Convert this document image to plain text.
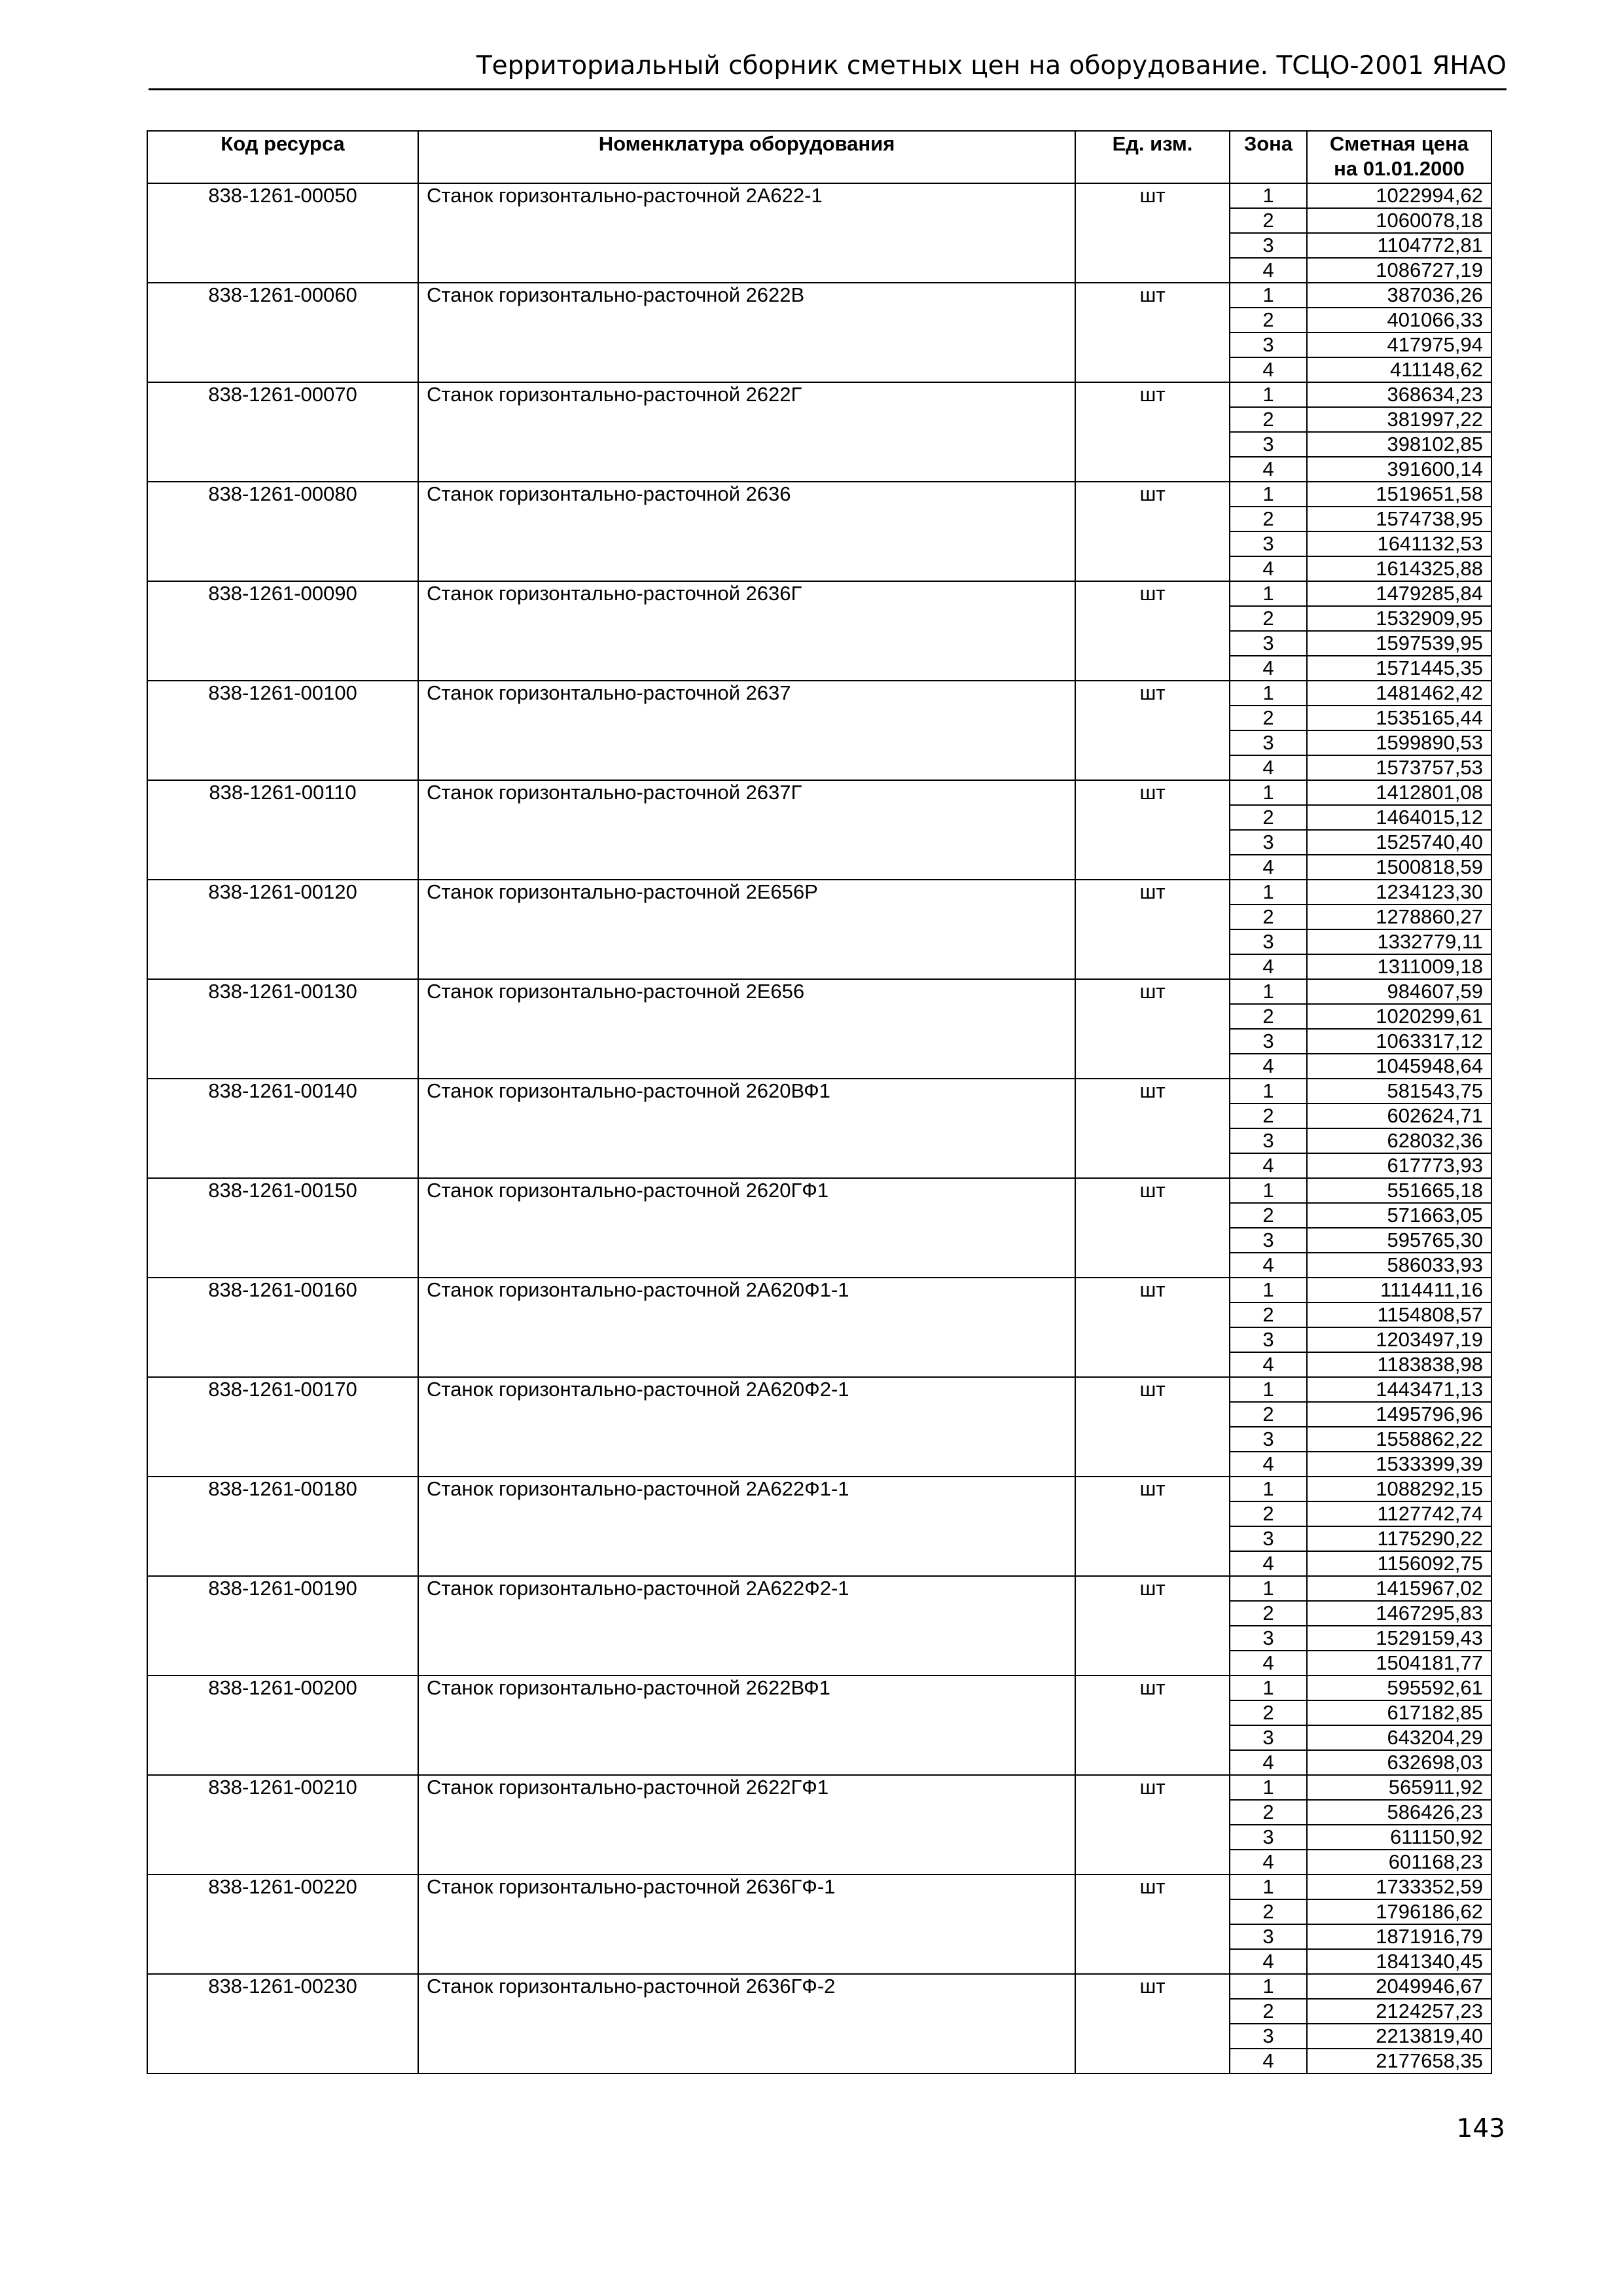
Территориальный сборник сметных цен на оборудование. ТСЦО-2001 ЯНАО
Код ресурса	Номенклатура оборудования	Ед. изм.	Зона	Сметная цена на 01.01.2000
838-1261-00050	Станок горизонтально-расточной 2А622-1	шт	1	1022994,62
			2	1060078,18
			3	1104772,81
			4	1086727,19
838-1261-00060	Станок горизонтально-расточной 2622В	шт	1	387036,26
			2	401066,33
			3	417975,94
			4	411148,62
838-1261-00070	Станок горизонтально-расточной 2622Г	шт	1	368634,23
			2	381997,22
			3	398102,85
			4	391600,14
838-1261-00080	Станок горизонтально-расточной 2636	шт	1	1519651,58
			2	1574738,95
			3	1641132,53
			4	1614325,88
838-1261-00090	Станок горизонтально-расточной 2636Г	шт	1	1479285,84
			2	1532909,95
			3	1597539,95
			4	1571445,35
838-1261-00100	Станок горизонтально-расточной 2637	шт	1	1481462,42
			2	1535165,44
			3	1599890,53
			4	1573757,53
838-1261-00110	Станок горизонтально-расточной 2637Г	шт	1	1412801,08
			2	1464015,12
			3	1525740,40
			4	1500818,59
838-1261-00120	Станок горизонтально-расточной 2Е656Р	шт	1	1234123,30
			2	1278860,27
			3	1332779,11
			4	1311009,18
838-1261-00130	Станок горизонтально-расточной 2Е656	шт	1	984607,59
			2	1020299,61
			3	1063317,12
			4	1045948,64
838-1261-00140	Станок горизонтально-расточной 2620ВФ1	шт	1	581543,75
			2	602624,71
			3	628032,36
			4	617773,93
838-1261-00150	Станок горизонтально-расточной 2620ГФ1	шт	1	551665,18
			2	571663,05
			3	595765,30
			4	586033,93
838-1261-00160	Станок горизонтально-расточной 2А620Ф1-1	шт	1	1114411,16
			2	1154808,57
			3	1203497,19
			4	1183838,98
838-1261-00170	Станок горизонтально-расточной 2А620Ф2-1	шт	1	1443471,13
			2	1495796,96
			3	1558862,22
			4	1533399,39
838-1261-00180	Станок горизонтально-расточной 2А622Ф1-1	шт	1	1088292,15
			2	1127742,74
			3	1175290,22
			4	1156092,75
838-1261-00190	Станок горизонтально-расточной 2А622Ф2-1	шт	1	1415967,02
			2	1467295,83
			3	1529159,43
			4	1504181,77
838-1261-00200	Станок горизонтально-расточной 2622ВФ1	шт	1	595592,61
			2	617182,85
			3	643204,29
			4	632698,03
838-1261-00210	Станок горизонтально-расточной 2622ГФ1	шт	1	565911,92
			2	586426,23
			3	611150,92
			4	601168,23
838-1261-00220	Станок горизонтально-расточной 2636ГФ-1	шт	1	1733352,59
			2	1796186,62
			3	1871916,79
			4	1841340,45
838-1261-00230	Станок горизонтально-расточной 2636ГФ-2	шт	1	2049946,67
			2	2124257,23
			3	2213819,40
			4	2177658,35
143
